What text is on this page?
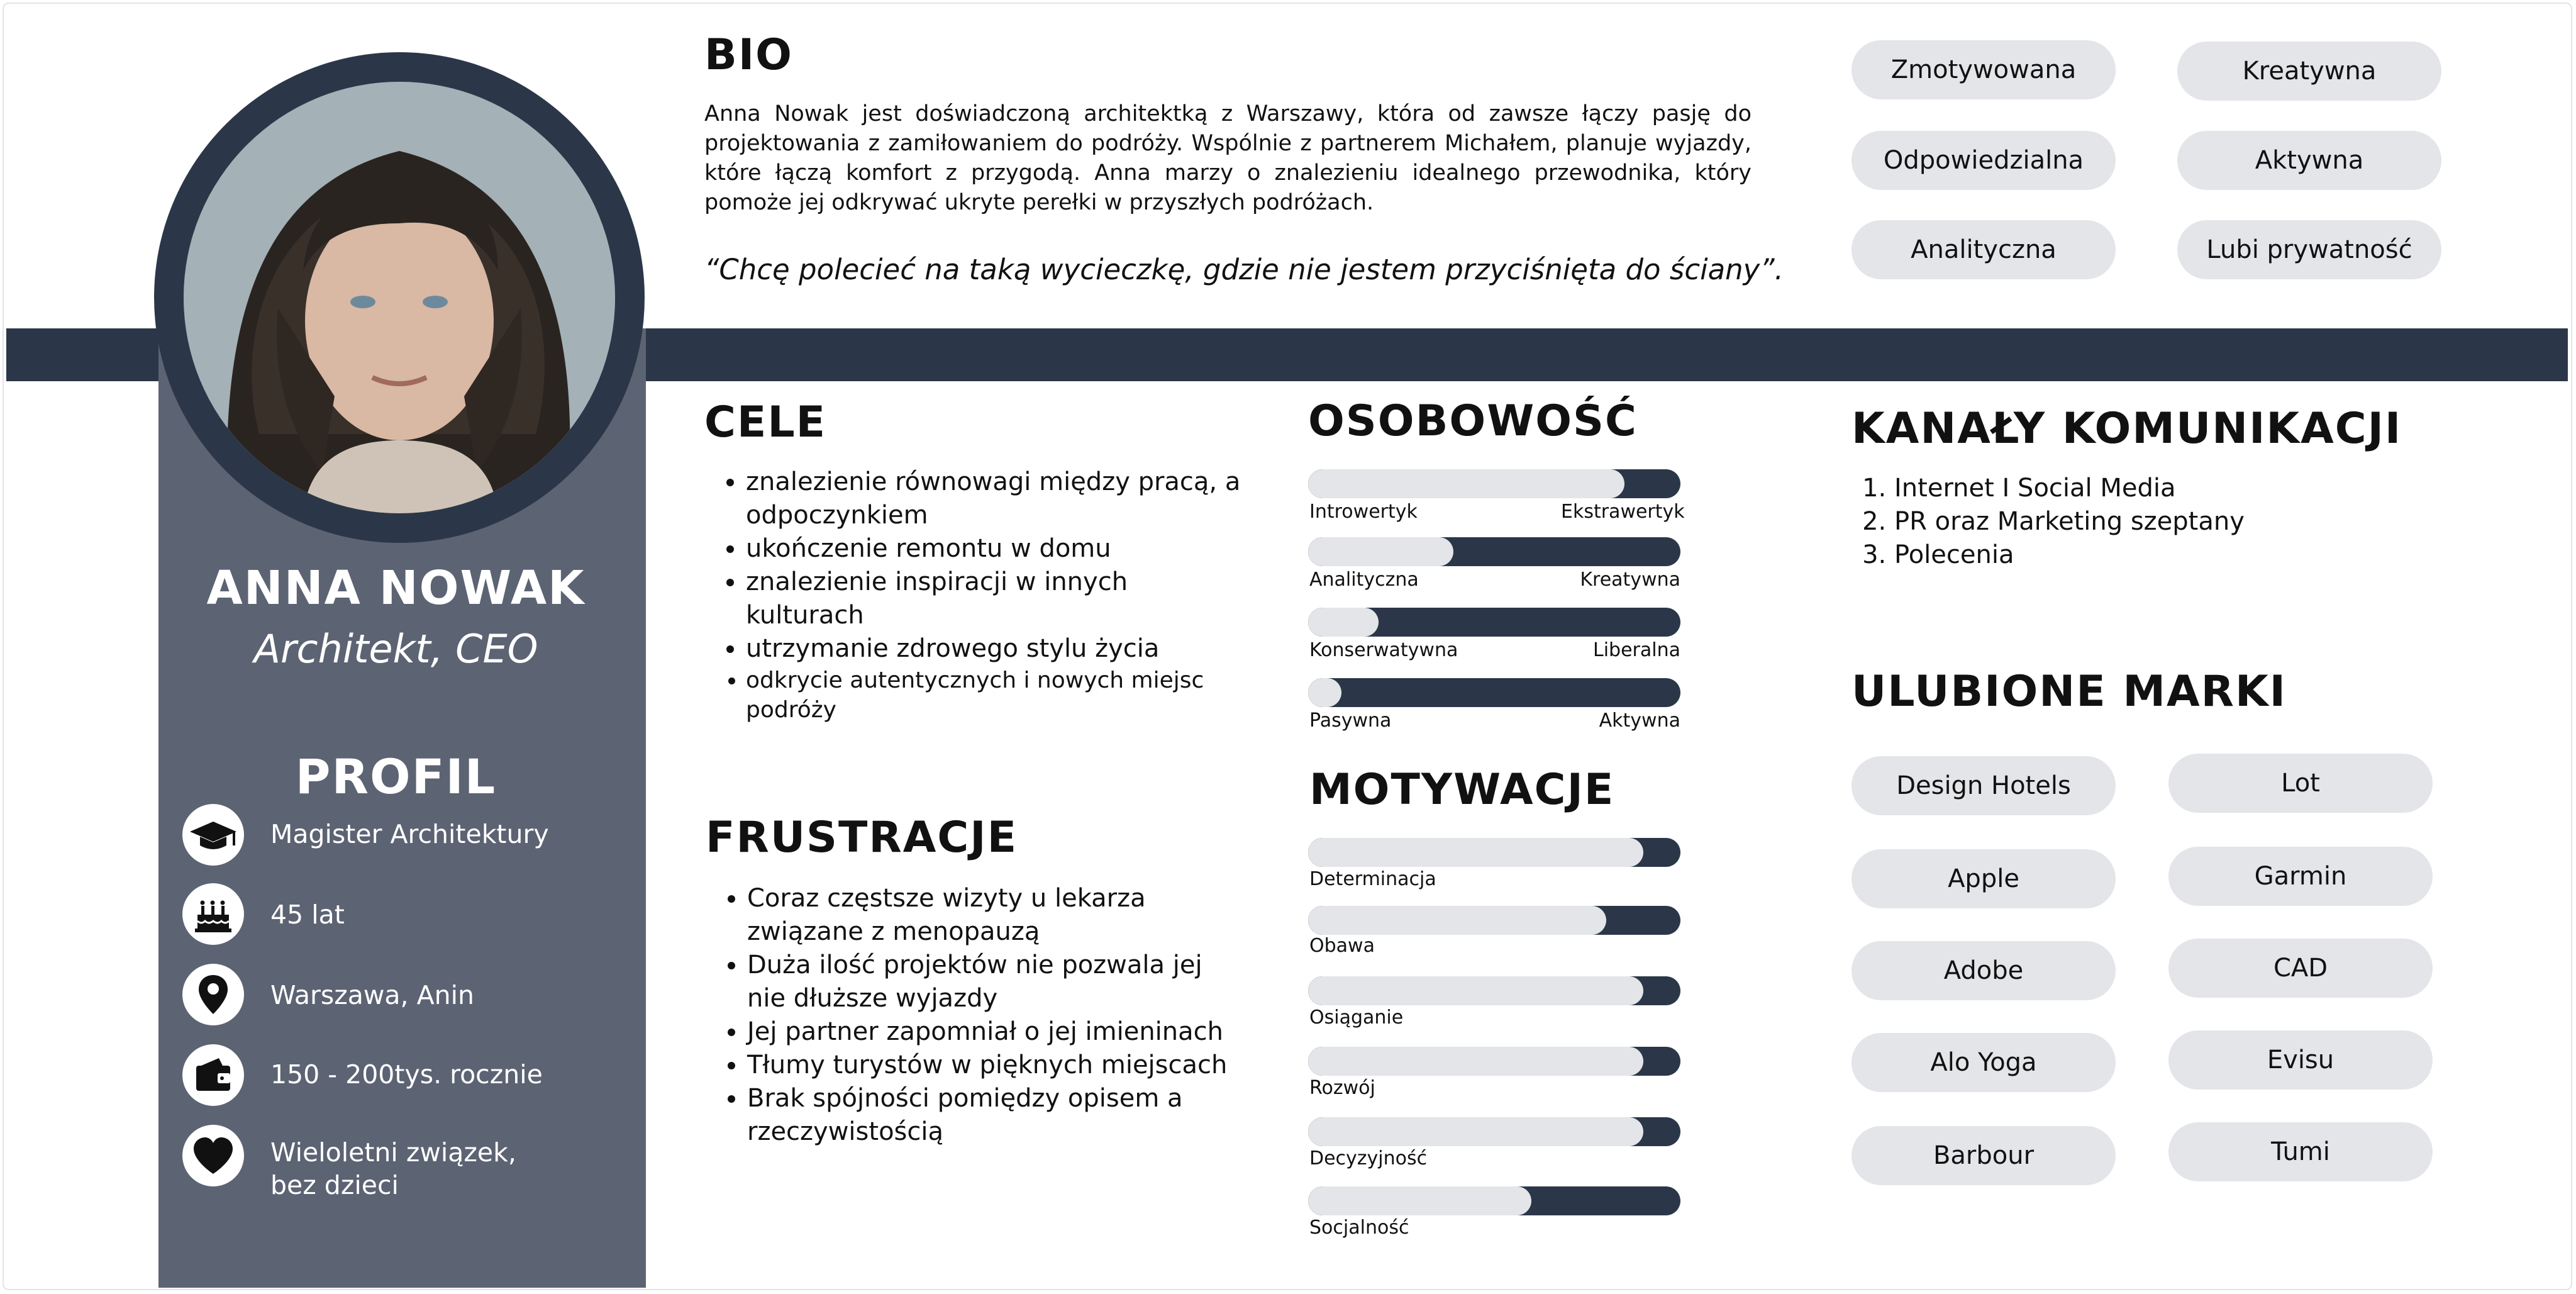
ANNA NOWAK
Architekt, CEO
PROFIL
Magister Architektury
45 lat
Warszawa, Anin
150 - 200tys. rocznie
Wieloletni związek,
bez dzieci
BIO
Anna Nowak jest doświadczoną architektką z Warszawy, która od zawsze łączy pasję do projektowania z zamiłowaniem do podróży. Wspólnie z partnerem Michałem, planuje wyjazdy, które łączą komfort z przygodą. Anna marzy o znalezieniu idealnego przewodnika, który pomoże jej odkrywać ukryte perełki w przyszłych podróżach.
“Chcę polecieć na taką wycieczkę, gdzie nie jestem przyciśnięta do ściany”.
Zmotywowana	Kreatywna
Odpowiedzialna	Aktywna
Analityczna	Lubi prywatność
CELE
• znalezienie równowagi między pracą, a odpoczynkiem
• ukończenie remontu w domu
• znalezienie inspiracji w innych kulturach
• utrzymanie zdrowego stylu życia
• odkrycie autentycznych i nowych miejsc podróży
FRUSTRACJE
• Coraz częstsze wizyty u lekarza związane z menopauzą
• Duża ilość projektów nie pozwala jej nie dłuższe wyjazdy
• Jej partner zapomniał o jej imieninach
• Tłumy turystów w pięknych miejscach
• Brak spójności pomiędzy opisem a rzeczywistością
OSOBOWOŚĆ
Introwertyk	Ekstrawertyk
Analityczna	Kreatywna
Konserwatywna	Liberalna
Pasywna	Aktywna
MOTYWACJE
Determinacja
Obawa
Osiąganie
Rozwój
Decyzyjność
Socjalność
KANAŁY KOMUNIKACJI
1. Internet I Social Media
2. PR oraz Marketing szeptany
3. Polecenia
ULUBIONE MARKI
Design Hotels	Lot
Apple	Garmin
Adobe	CAD
Alo Yoga	Evisu
Barbour	Tumi
